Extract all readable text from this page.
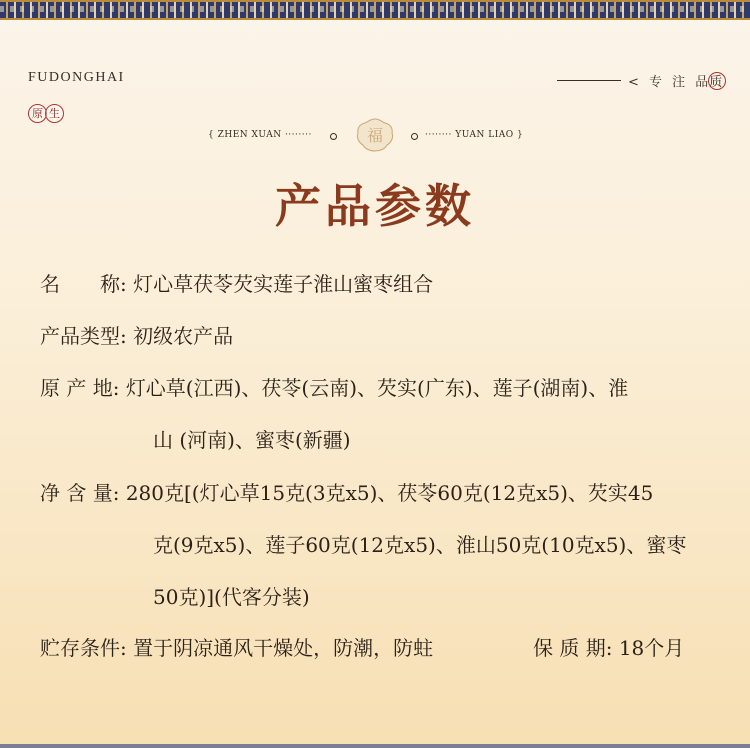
FUDONGHAI
原 生
< 专 注 品质
{ ZHEN XUAN ········	福	········ YUAN LIAO }
产品参数
名　　称: 灯心草茯苓芡实莲子淮山蜜枣组合
产品类型: 初级农产品
原 产 地: 灯心草(江西)、茯苓(云南)、芡实(广东)、莲子(湖南)、淮
山 (河南)、蜜枣(新疆)
净 含 量: 280克[(灯心草15克(3克x5)、茯苓60克(12克x5)、芡实45
克(9克x5)、莲子60克(12克x5)、淮山50克(10克x5)、蜜枣
50克)](代客分装)
贮存条件: 置于阴凉通风干燥处，防潮，防蛀	保 质 期: 18个月
